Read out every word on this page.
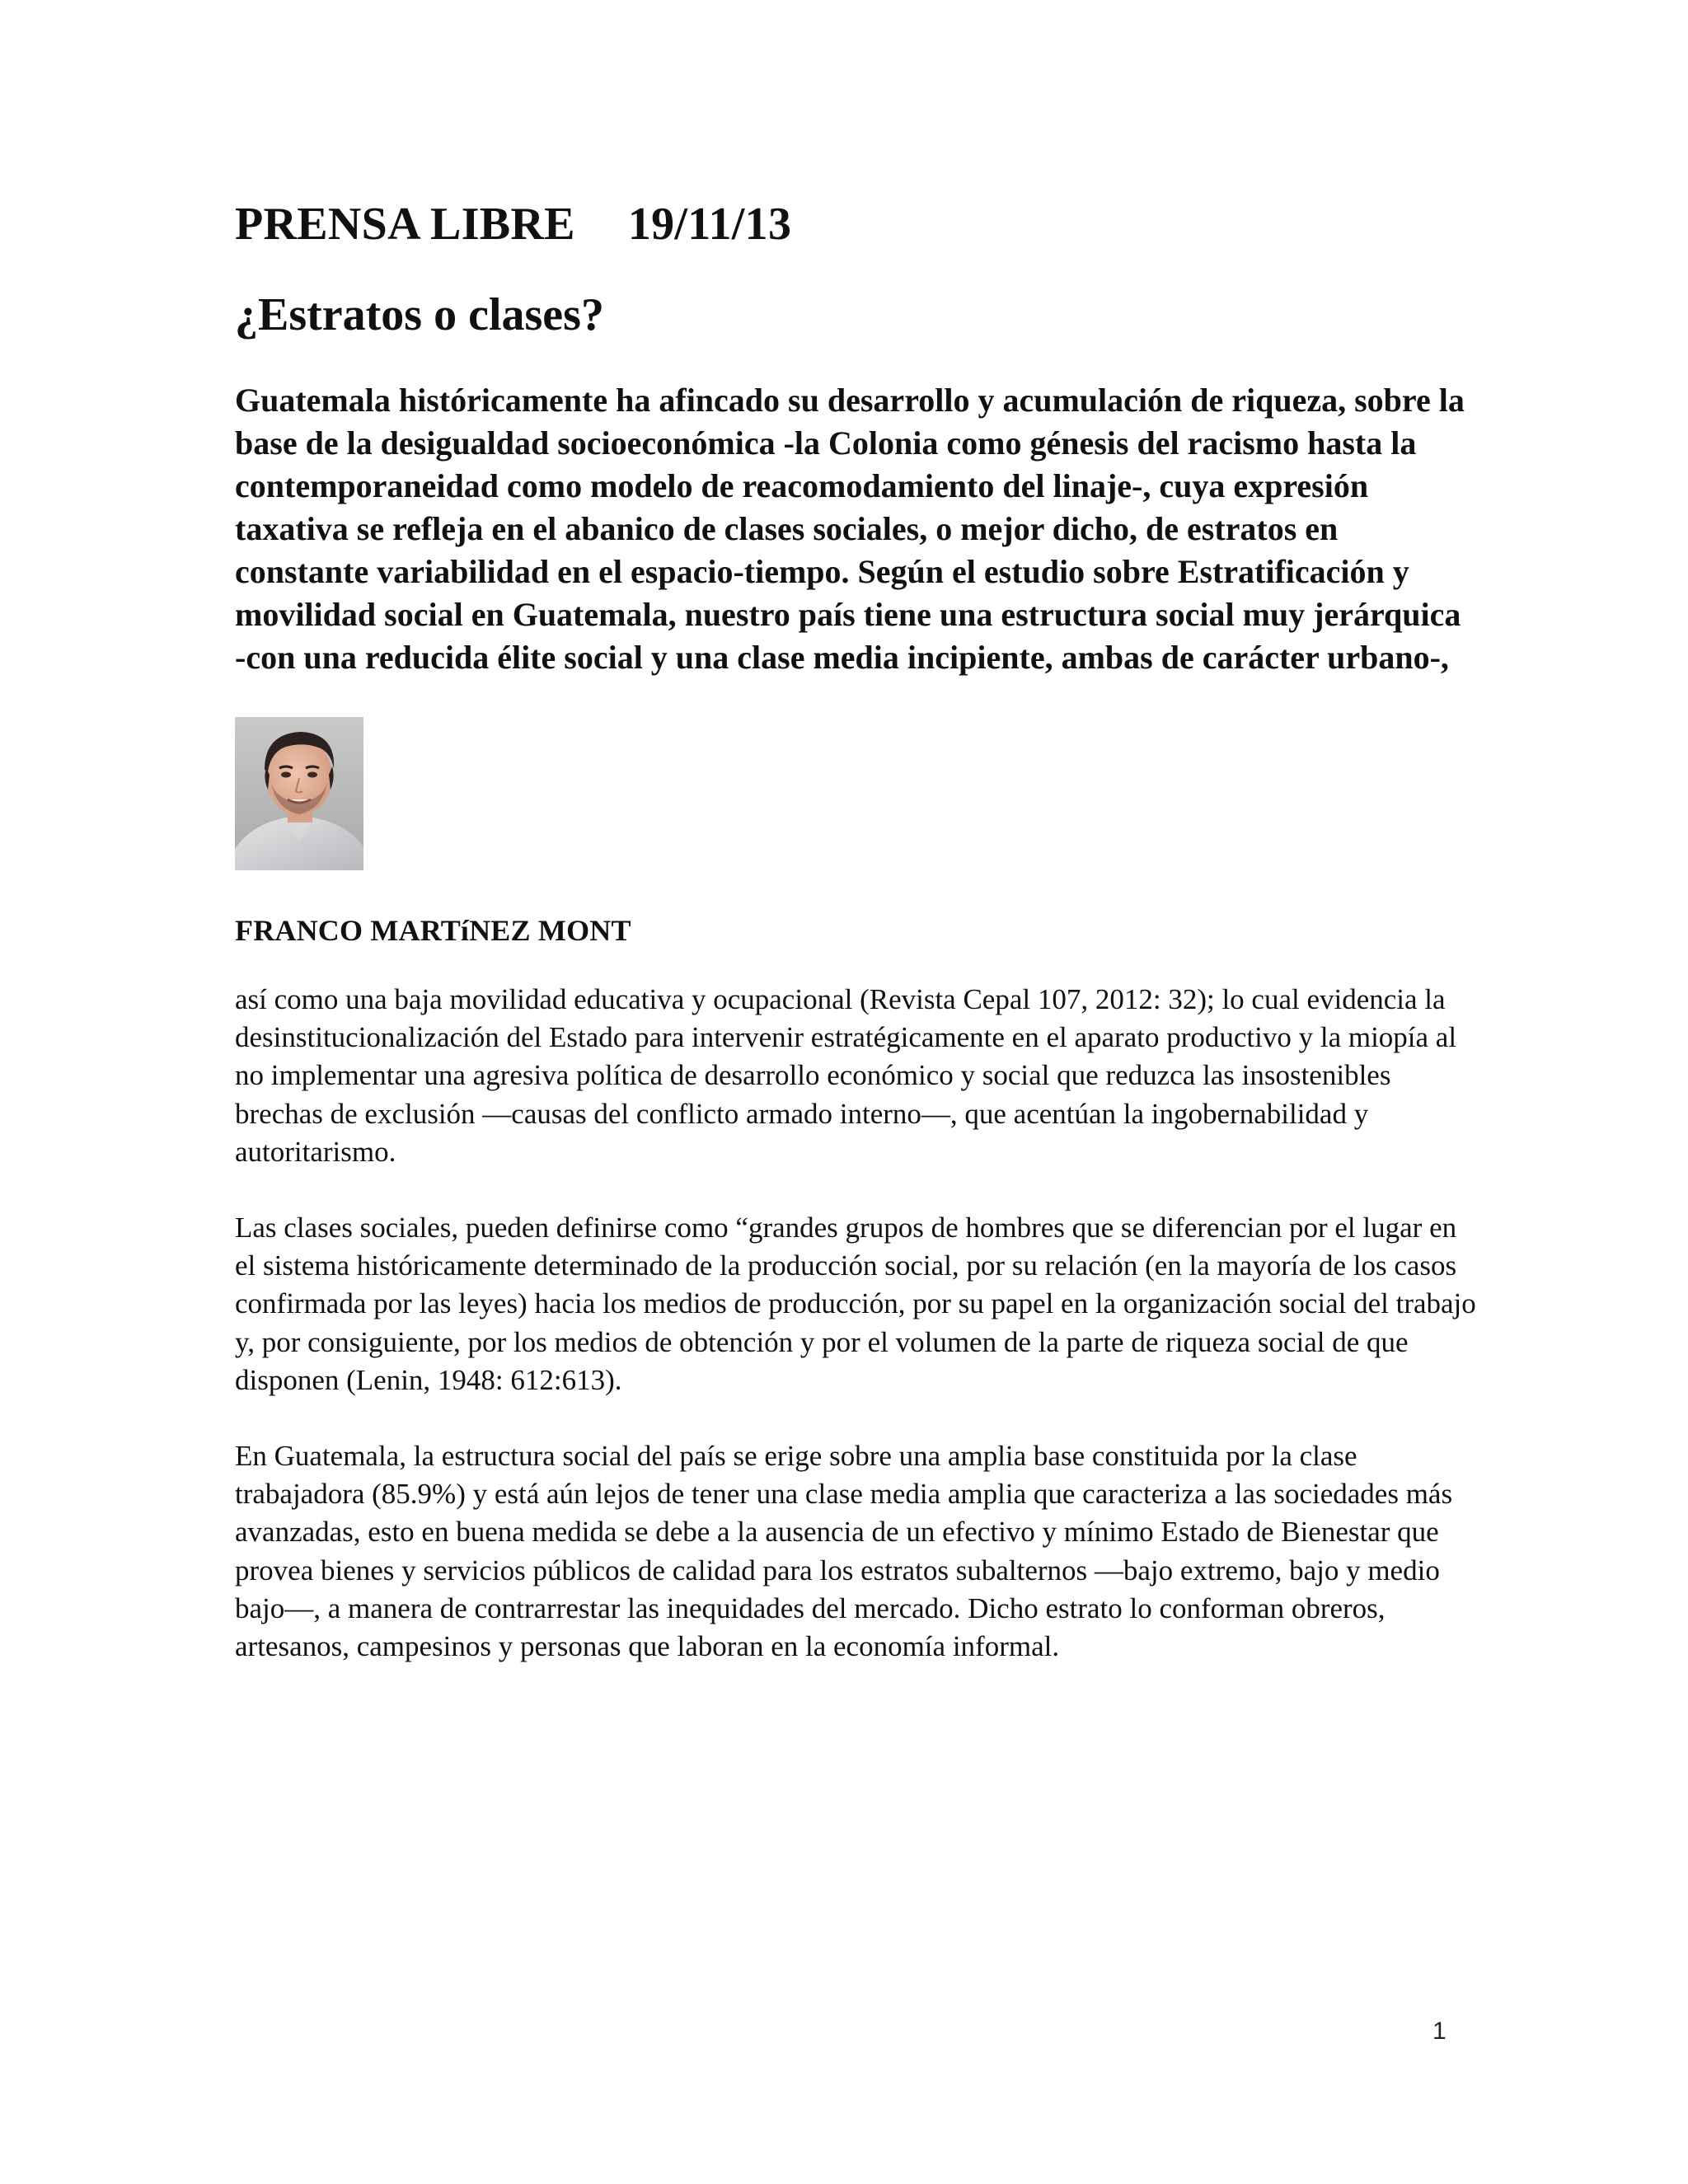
PRENSA LIBRE 19/11/13
¿Estratos o clases?

Guatemala históricamente ha afincado su desarrollo y acumulación de riqueza, sobre la base de la desigualdad socioeconómica -la Colonia como génesis del racismo hasta la contemporaneidad como modelo de reacomodamiento del linaje-, cuya expresión taxativa se refleja en el abanico de clases sociales, o mejor dicho, de estratos en constante variabilidad en el espacio-tiempo. Según el estudio sobre Estratificación y movilidad social en Guatemala, nuestro país tiene una estructura social muy jerárquica -con una reducida élite social y una clase media incipiente, ambas de carácter urbano-,

FRANCO MARTíNEZ MONT

así como una baja movilidad educativa y ocupacional (Revista Cepal 107, 2012: 32); lo cual evidencia la desinstitucionalización del Estado para intervenir estratégicamente en el aparato productivo y la miopía al no implementar una agresiva política de desarrollo económico y social que reduzca las insostenibles brechas de exclusión —causas del conflicto armado interno—, que acentúan la ingobernabilidad y autoritarismo.

Las clases sociales, pueden definirse como “grandes grupos de hombres que se diferencian por el lugar en el sistema históricamente determinado de la producción social, por su relación (en la mayoría de los casos confirmada por las leyes) hacia los medios de producción, por su papel en la organización social del trabajo y, por consiguiente, por los medios de obtención y por el volumen de la parte de riqueza social de que disponen (Lenin, 1948: 612:613).

En Guatemala, la estructura social del país se erige sobre una amplia base constituida por la clase trabajadora (85.9%) y está aún lejos de tener una clase media amplia que caracteriza a las sociedades más avanzadas, esto en buena medida se debe a la ausencia de un efectivo y mínimo Estado de Bienestar que provea bienes y servicios públicos de calidad para los estratos subalternos —bajo extremo, bajo y medio bajo—, a manera de contrarrestar las inequidades del mercado. Dicho estrato lo conforman obreros, artesanos, campesinos y personas que laboran en la economía informal.

1
